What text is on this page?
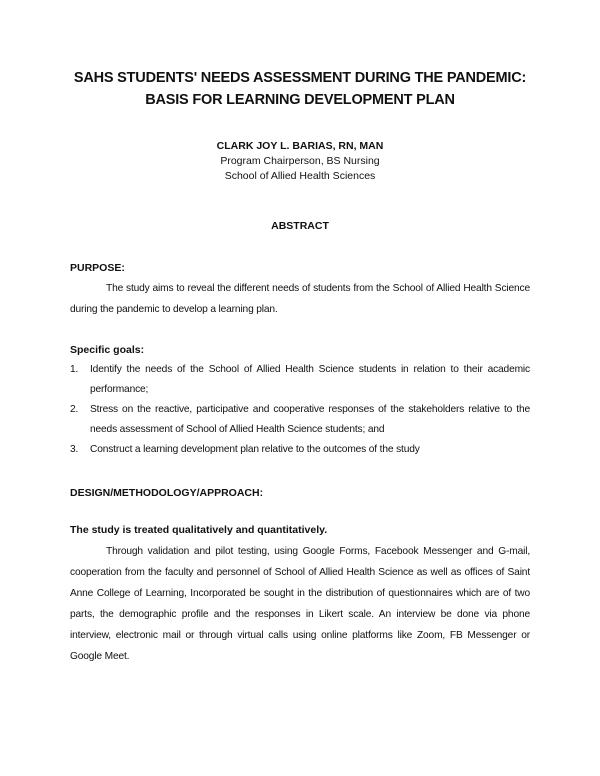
SAHS STUDENTS' NEEDS ASSESSMENT DURING THE PANDEMIC:
BASIS FOR LEARNING DEVELOPMENT PLAN
CLARK JOY L. BARIAS, RN, MAN
Program Chairperson, BS Nursing
School of Allied Health Sciences
ABSTRACT
PURPOSE:
The study aims to reveal the different needs of students from the School of Allied Health Science during the pandemic to develop a learning plan.
Specific goals:
1. Identify the needs of the School of Allied Health Science students in relation to their academic performance;
2. Stress on the reactive, participative and cooperative responses of the stakeholders relative to the needs assessment of School of Allied Health Science students; and
3. Construct a learning development plan relative to the outcomes of the study
DESIGN/METHODOLOGY/APPROACH:
The study is treated qualitatively and quantitatively.
Through validation and pilot testing, using Google Forms, Facebook Messenger and G-mail, cooperation from the faculty and personnel of School of Allied Health Science as well as offices of Saint Anne College of Learning, Incorporated be sought in the distribution of questionnaires which are of two parts, the demographic profile and the responses in Likert scale. An interview be done via phone interview, electronic mail or through virtual calls using online platforms like Zoom, FB Messenger or Google Meet.
